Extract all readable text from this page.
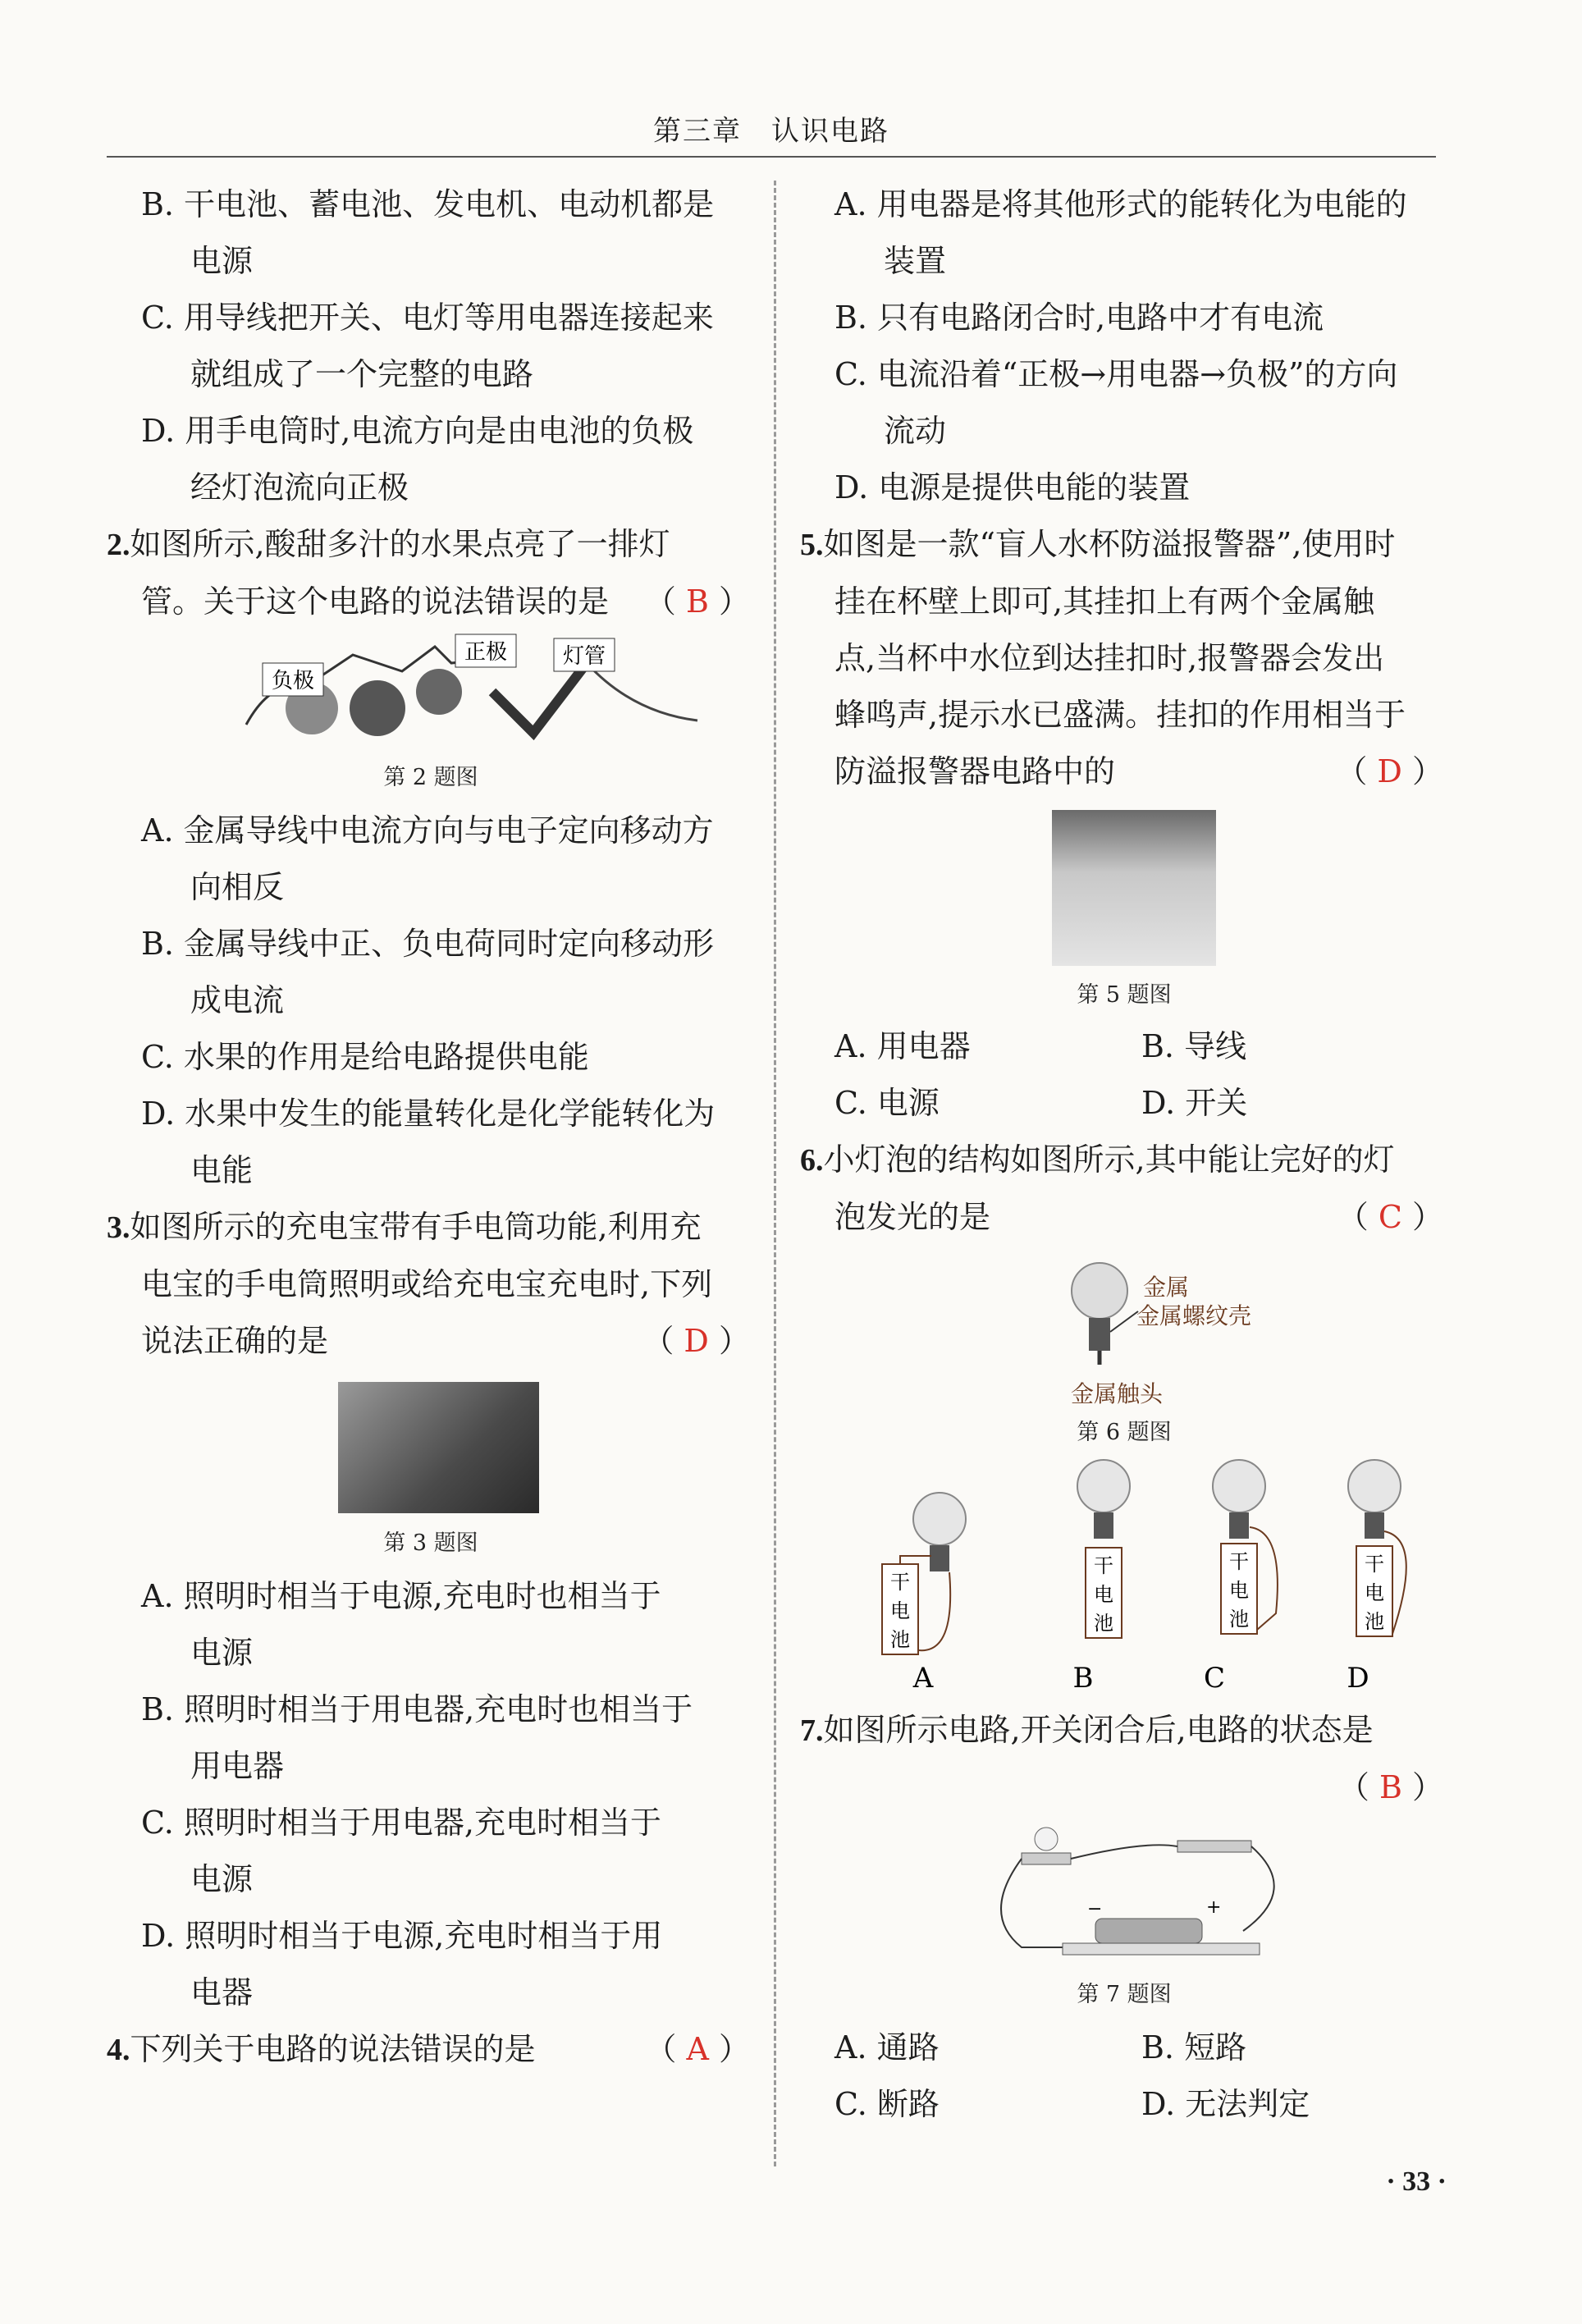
第三章　认识电路
B. 干电池、蓄电池、发电机、电动机都是
电源
C. 用导线把开关、电灯等用电器连接起来
就组成了一个完整的电路
D. 用手电筒时,电流方向是由电池的负极
经灯泡流向正极
2.如图所示,酸甜多汁的水果点亮了一排灯
管。关于这个电路的说法错误的是 （ B ）
负极
正极	灯管
第 2 题图
A. 金属导线中电流方向与电子定向移动方
向相反
B. 金属导线中正、负电荷同时定向移动形
成电流
C. 水果的作用是给电路提供电能
D. 水果中发生的能量转化是化学能转化为
电能
3.如图所示的充电宝带有手电筒功能,利用充
电宝的手电筒照明或给充电宝充电时,下列
说法正确的是	（ D ）
第 3 题图
A. 照明时相当于电源,充电时也相当于
电源
B. 照明时相当于用电器,充电时也相当于
用电器
C. 照明时相当于用电器,充电时相当于
电源
D. 照明时相当于电源,充电时相当于用
电器
4.下列关于电路的说法错误的是	（ A ）
A. 用电器是将其他形式的能转化为电能的
装置
B. 只有电路闭合时,电路中才有电流
C. 电流沿着“正极→用电器→负极”的方向
流动
D. 电源是提供电能的装置
5.如图是一款“盲人水杯防溢报警器”,使用时
挂在杯壁上即可,其挂扣上有两个金属触
点,当杯中水位到达挂扣时,报警器会发出
蜂鸣声,提示水已盛满。挂扣的作用相当于
防溢报警器电路中的	（ D ）
第 5 题图
A. 用电器	B. 导线
C. 电源	D. 开关
6.小灯泡的结构如图所示,其中能让完好的灯
泡发光的是	（ C ）
金属
金属螺纹壳
金属触头
第 6 题图
干
电
池
干
电
池
干
电
池
干
电
池
A	B	C	D
7.如图所示电路,开关闭合后,电路的状态是
（ B ）
−	+
第 7 题图
A. 通路	B. 短路
C. 断路	D. 无法判定
· 33 ·
